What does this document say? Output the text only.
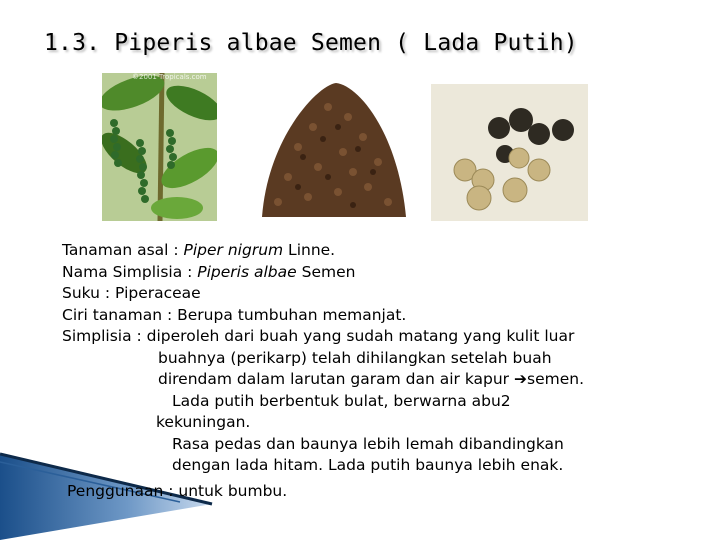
1.3. Piperis albae Semen ( Lada Putih)
©2001 Tropicals.com
Tanaman asal : Piper nigrum Linne.
Nama Simplisia : Piperis albae Semen
Suku : Piperaceae
Ciri tanaman : Berupa tumbuhan memanjat.
Simplisia : diperoleh dari buah yang sudah matang yang kulit luar
buahnya (perikarp) telah dihilangkan setelah buah
direndam dalam larutan garam dan air kapur ➔semen.
Lada putih berbentuk bulat, berwarna abu2
kekuningan.
Rasa pedas dan baunya lebih lemah dibandingkan
dengan lada hitam. Lada putih baunya lebih enak.
Penggunaan : untuk bumbu.
